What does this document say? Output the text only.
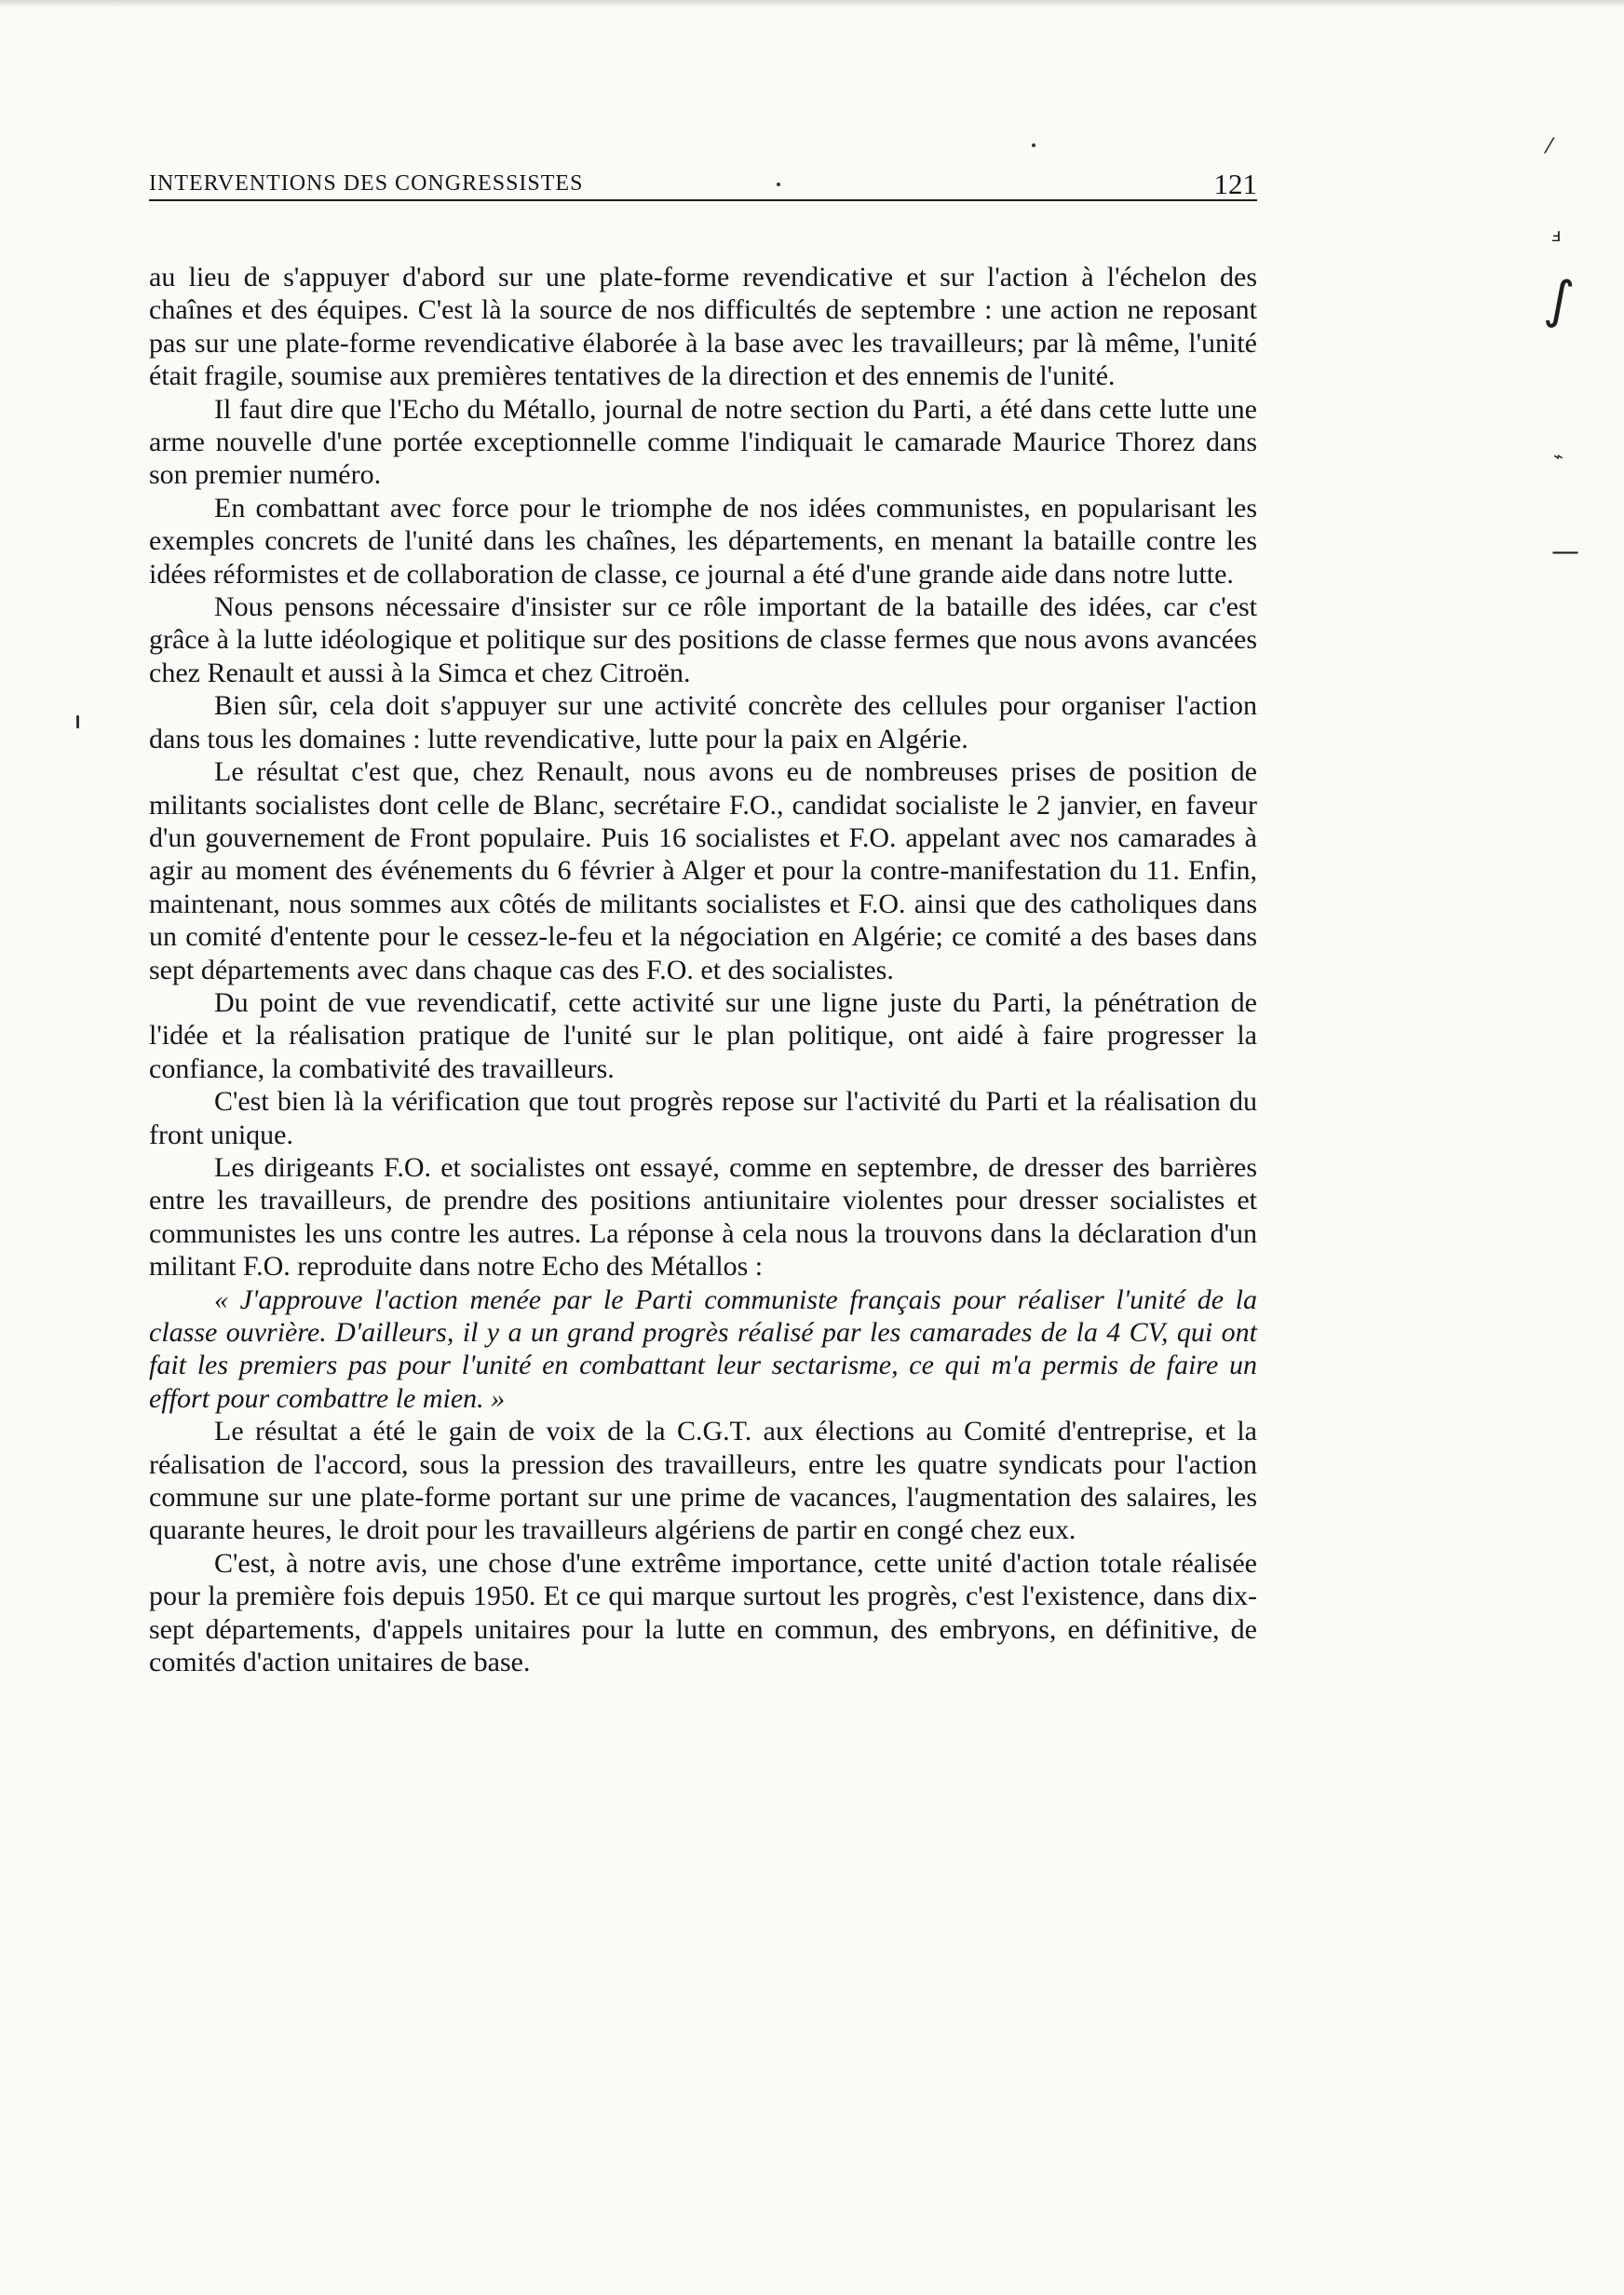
INTERVENTIONS DES CONGRESSISTES	121

au lieu de s'appuyer d'abord sur une plate-forme revendicative et sur l'action à l'échelon des chaînes et des équipes. C'est là la source de nos difficultés de septembre : une action ne reposant pas sur une plate-forme revendicative élaborée à la base avec les travailleurs; par là même, l'unité était fragile, soumise aux premières tentatives de la direction et des ennemis de l'unité.

Il faut dire que l'Echo du Métallo, journal de notre section du Parti, a été dans cette lutte une arme nouvelle d'une portée exceptionnelle comme l'indiquait le camarade Maurice Thorez dans son premier numéro.

En combattant avec force pour le triomphe de nos idées communistes, en popularisant les exemples concrets de l'unité dans les chaînes, les départements, en menant la bataille contre les idées réformistes et de collaboration de classe, ce journal a été d'une grande aide dans notre lutte.

Nous pensons nécessaire d'insister sur ce rôle important de la bataille des idées, car c'est grâce à la lutte idéologique et politique sur des positions de classe fermes que nous avons avancées chez Renault et aussi à la Simca et chez Citroën.

Bien sûr, cela doit s'appuyer sur une activité concrète des cellules pour organiser l'action dans tous les domaines : lutte revendicative, lutte pour la paix en Algérie.

Le résultat c'est que, chez Renault, nous avons eu de nombreuses prises de position de militants socialistes dont celle de Blanc, secrétaire F.O., candidat socialiste le 2 janvier, en faveur d'un gouvernement de Front populaire. Puis 16 socialistes et F.O. appelant avec nos camarades à agir au moment des événements du 6 février à Alger et pour la contre-manifestation du 11. Enfin, maintenant, nous sommes aux côtés de militants socialistes et F.O. ainsi que des catholiques dans un comité d'entente pour le cessez-le-feu et la négociation en Algérie; ce comité a des bases dans sept départements avec dans chaque cas des F.O. et des socialistes.

Du point de vue revendicatif, cette activité sur une ligne juste du Parti, la pénétration de l'idée et la réalisation pratique de l'unité sur le plan politique, ont aidé à faire progresser la confiance, la combativité des travailleurs.

C'est bien là la vérification que tout progrès repose sur l'activité du Parti et la réalisation du front unique.

Les dirigeants F.O. et socialistes ont essayé, comme en septembre, de dresser des barrières entre les travailleurs, de prendre des positions antiunitaire violentes pour dresser socialistes et communistes les uns contre les autres. La réponse à cela nous la trouvons dans la déclaration d'un militant F.O. reproduite dans notre Echo des Métallos :

« J'approuve l'action menée par le Parti communiste français pour réaliser l'unité de la classe ouvrière. D'ailleurs, il y a un grand progrès réalisé par les camarades de la 4 CV, qui ont fait les premiers pas pour l'unité en combattant leur sectarisme, ce qui m'a permis de faire un effort pour combattre le mien. »

Le résultat a été le gain de voix de la C.G.T. aux élections au Comité d'entreprise, et la réalisation de l'accord, sous la pression des travailleurs, entre les quatre syndicats pour l'action commune sur une plate-forme portant sur une prime de vacances, l'augmentation des salaires, les quarante heures, le droit pour les travailleurs algériens de partir en congé chez eux.

C'est, à notre avis, une chose d'une extrême importance, cette unité d'action totale réalisée pour la première fois depuis 1950. Et ce qui marque surtout les progrès, c'est l'existence, dans dix-sept départements, d'appels unitaires pour la lutte en commun, des embryons, en définitive, de comités d'action unitaires de base.

⁄
ⅎ
∫
⌁
—
